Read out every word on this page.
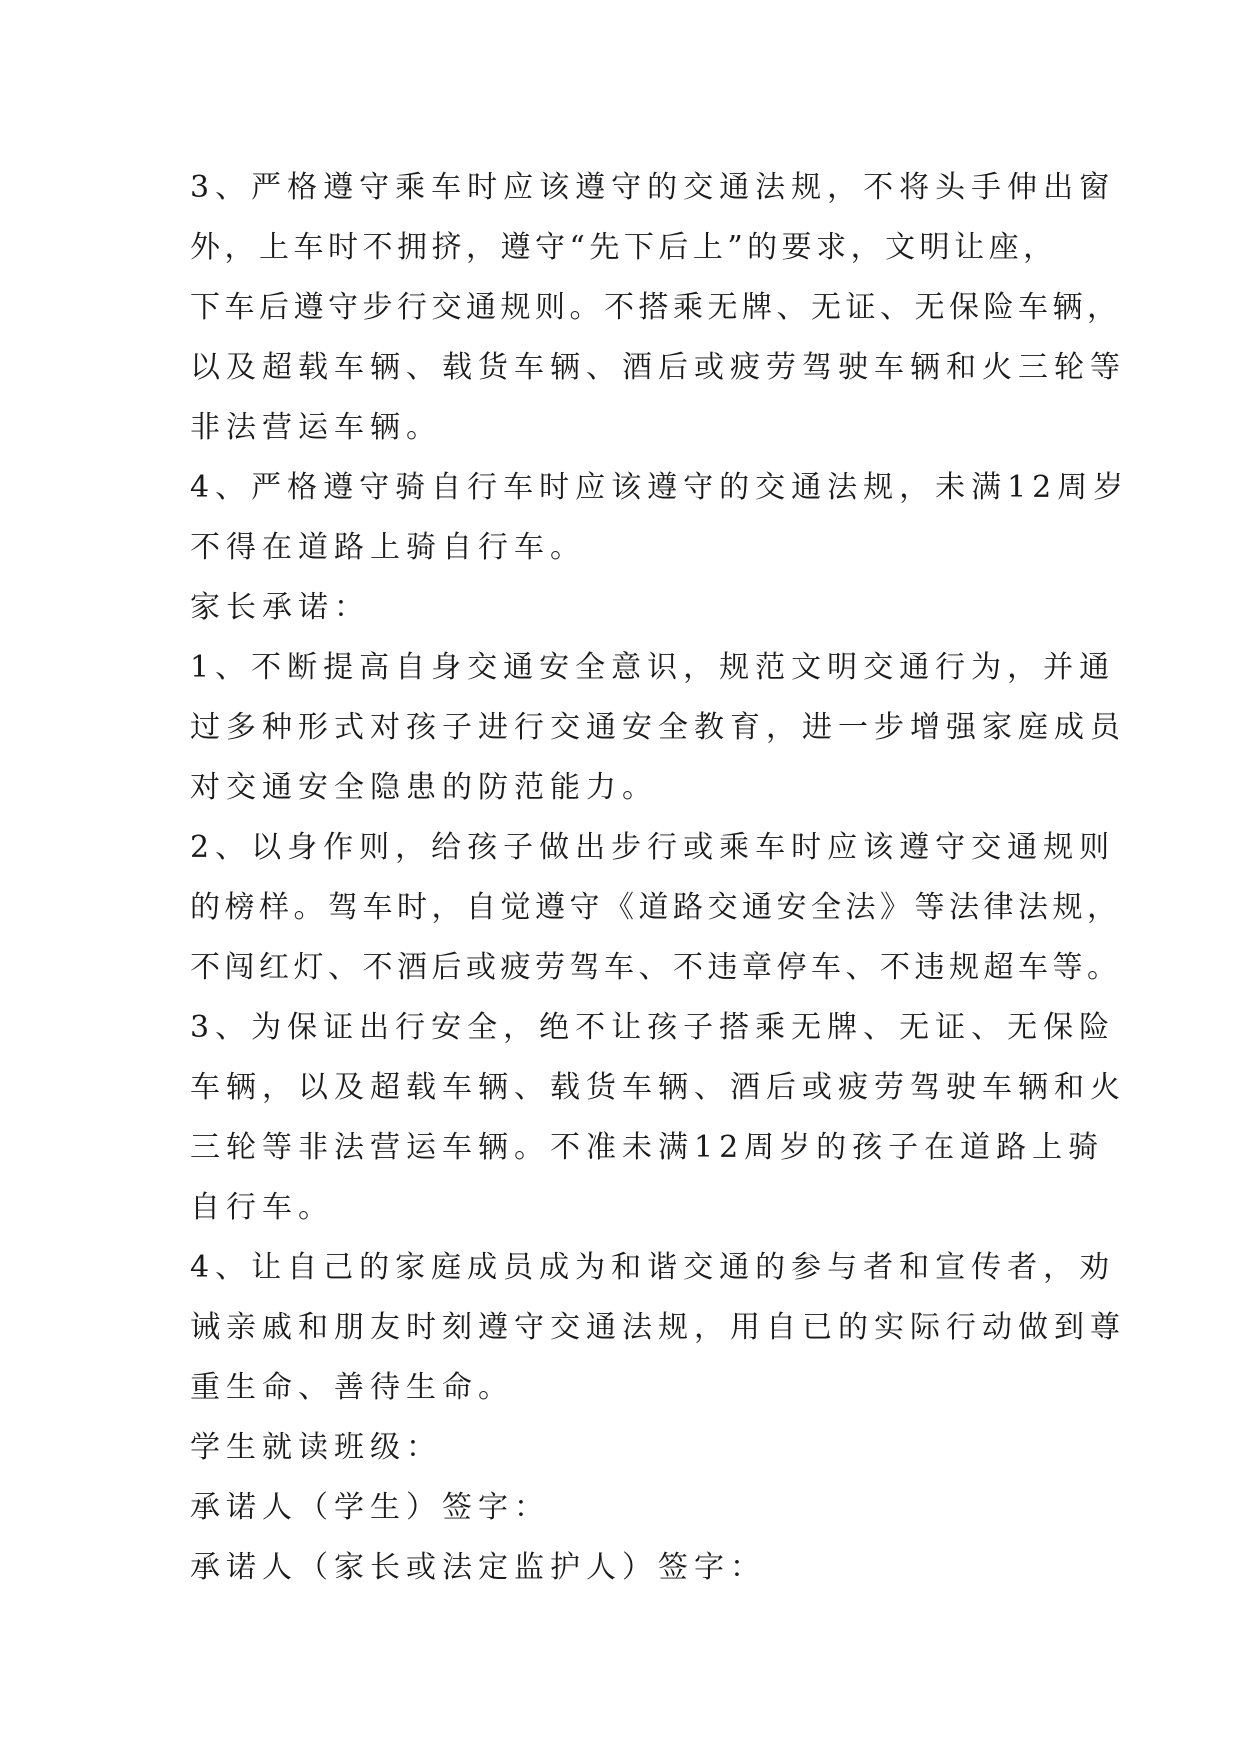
3、严格遵守乘车时应该遵守的交通法规，不将头手伸出窗
外，上车时不拥挤，遵守“先下后上”的要求，文明让座，
下车后遵守步行交通规则。不搭乘无牌、无证、无保险车辆，
以及超载车辆、载货车辆、酒后或疲劳驾驶车辆和火三轮等
非法营运车辆。
4、严格遵守骑自行车时应该遵守的交通法规，未满12周岁
不得在道路上骑自行车。
家长承诺：
1、不断提高自身交通安全意识，规范文明交通行为，并通
过多种形式对孩子进行交通安全教育，进一步增强家庭成员
对交通安全隐患的防范能力。
2、以身作则，给孩子做出步行或乘车时应该遵守交通规则
的榜样。驾车时，自觉遵守《道路交通安全法》等法律法规，
不闯红灯、不酒后或疲劳驾车、不违章停车、不违规超车等。
3、为保证出行安全，绝不让孩子搭乘无牌、无证、无保险
车辆，以及超载车辆、载货车辆、酒后或疲劳驾驶车辆和火
三轮等非法营运车辆。不准未满12周岁的孩子在道路上骑
自行车。
4、让自己的家庭成员成为和谐交通的参与者和宣传者，劝
诫亲戚和朋友时刻遵守交通法规，用自已的实际行动做到尊
重生命、善待生命。
学生就读班级：
承诺人（学生）签字：
承诺人（家长或法定监护人）签字：
